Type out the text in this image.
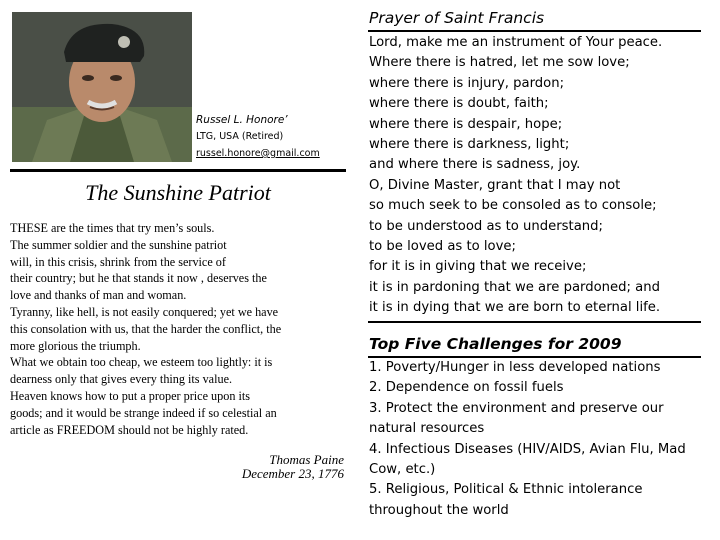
Russel L. Honore’
LTG, USA (Retired)
russel.honore@gmail.com
The Sunshine Patriot
THESE are the times that try men’s souls.
The summer soldier and the sunshine patriot
will, in this crisis, shrink from the service of
their country; but he that stands it now , deserves the
love and thanks of man and woman.
Tyranny, like hell, is not easily conquered; yet we have
this consolation with us, that the harder the conflict, the
more glorious the triumph.
What we obtain too cheap, we esteem too lightly: it is
dearness only that gives every thing its value.
Heaven knows how to put a proper price upon its
goods; and it would be strange indeed if so celestial an
article as FREEDOM should not be highly rated.
Thomas Paine
December 23, 1776
Prayer of Saint Francis
Lord, make me an instrument of Your peace.
Where there is hatred, let me sow love;
where there is injury, pardon;
where there is doubt, faith;
where there is despair, hope;
where there is darkness, light;
and where there is sadness, joy.
O, Divine Master, grant that I may not
so much seek to be consoled as to console;
to be understood as to understand;
to be loved as to love;
for it is in giving that we receive;
it is in pardoning that we are pardoned; and
it is in dying that we are born to eternal life.
Top Five Challenges for 2009
1. Poverty/Hunger in less developed nations
2. Dependence on fossil fuels
3. Protect the environment and preserve our natural resources
4. Infectious Diseases (HIV/AIDS, Avian Flu, Mad Cow, etc.)
5. Religious, Political & Ethnic intolerance throughout the world
